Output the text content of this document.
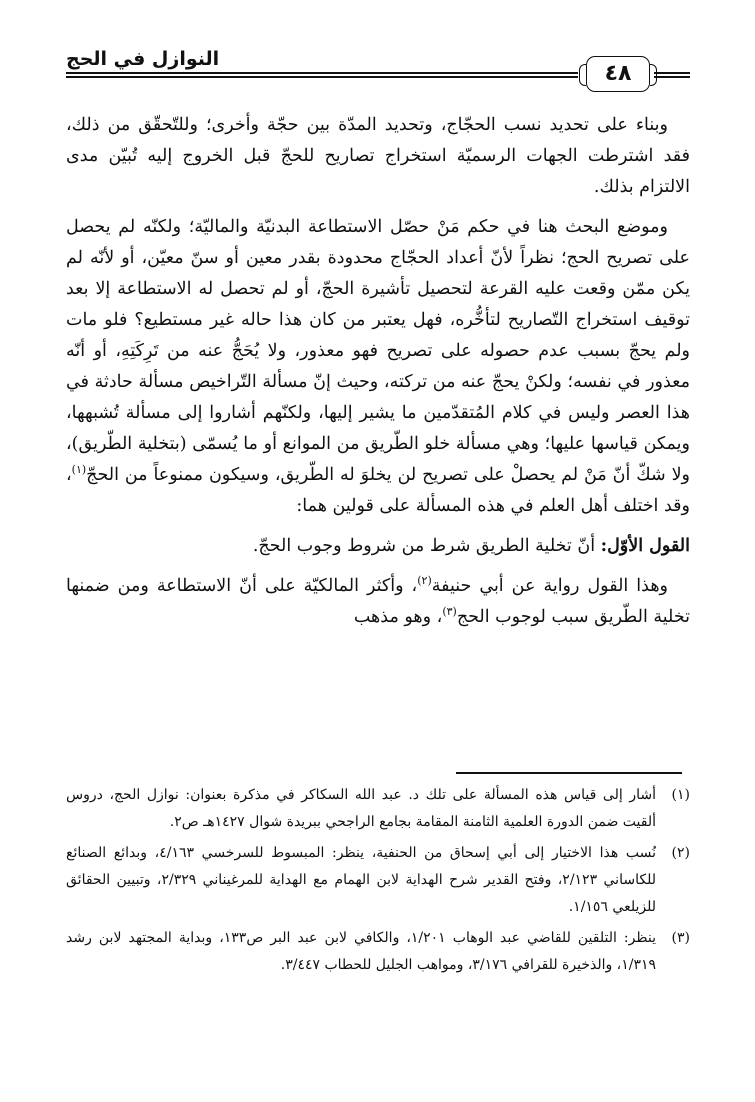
النوازل في الحج
٤٨

وبناء على تحديد نسب الحجّاج، وتحديد المدّة بين حجّة وأخرى؛ وللتّحقّق من ذلك، فقد اشترطت الجهات الرسميّة استخراج تصاريح للحجّ قبل الخروج إليه تُبيّن مدى الالتزام بذلك.

وموضع البحث هنا في حكم مَنْ حصّل الاستطاعة البدنيّة والماليّة؛ ولكنّه لم يحصل على تصريح الحج؛ نظراً لأنّ أعداد الحجّاج محدودة بقدر معين أو سنّ معيّن، أو لأنّه لم يكن ممّن وقعت عليه القرعة لتحصيل تأشيرة الحجّ، أو لم تحصل له الاستطاعة إلا بعد توقيف استخراج التّصاريح لتأخُّره، فهل يعتبر من كان هذا حاله غير مستطيع؟ فلو مات ولم يحجّ بسبب عدم حصوله على تصريح فهو معذور، ولا يُحَجُّ عنه من تَرِكَتِهِ، أو أنّه معذور في نفسه؛ ولكنْ يحجّ عنه من تركته، وحيث إنّ مسألة التّراخيص مسألة حادثة في هذا العصر وليس في كلام المُتقدّمين ما يشير إليها، ولكنّهم أشاروا إلى مسألة تُشبهها، ويمكن قياسها عليها؛ وهي مسألة خلو الطّريق من الموانع أو ما يُسمّى (بتخلية الطّريق)، ولا شكّ أنّ مَنْ لم يحصلْ على تصريح لن يخلوَ له الطّريق، وسيكون ممنوعاً من الحجّ$^{(١)}$، وقد اختلف أهل العلم في هذه المسألة على قولين هما:

القول الأوّل: أنّ تخلية الطريق شرط من شروط وجوب الحجّ.

وهذا القول رواية عن أبي حنيفة$^{(٢)}$، وأكثر المالكيّة على أنّ الاستطاعة ومن ضمنها تخلية الطّريق سبب لوجوب الحج$^{(٣)}$، وهو مذهب

(١)
أشار إلى قياس هذه المسألة على تلك د. عبد الله السكاكر في مذكرة بعنوان: نوازل الحج، دروس ألقيت ضمن الدورة العلمية الثامنة المقامة بجامع الراجحي ببريدة شوال ١٤٢٧هـ ص٢.
(٢)
نُسب هذا الاختيار إلى أبي إسحاق من الحنفية، ينظر: المبسوط للسرخسي ٤/١٦٣، وبدائع الصنائع للكاساني ٢/١٢٣، وفتح القدير شرح الهداية لابن الهمام مع الهداية للمرغيناني ٢/٣٢٩، وتبيين الحقائق للزيلعي ١/١٥٦.
(٣)
ينظر: التلقين للقاضي عبد الوهاب ١/٢٠١، والكافي لابن عبد البر ص١٣٣، وبداية المجتهد لابن رشد ١/٣١٩، والذخيرة للقرافي ٣/١٧٦، ومواهب الجليل للحطاب ٣/٤٤٧.
